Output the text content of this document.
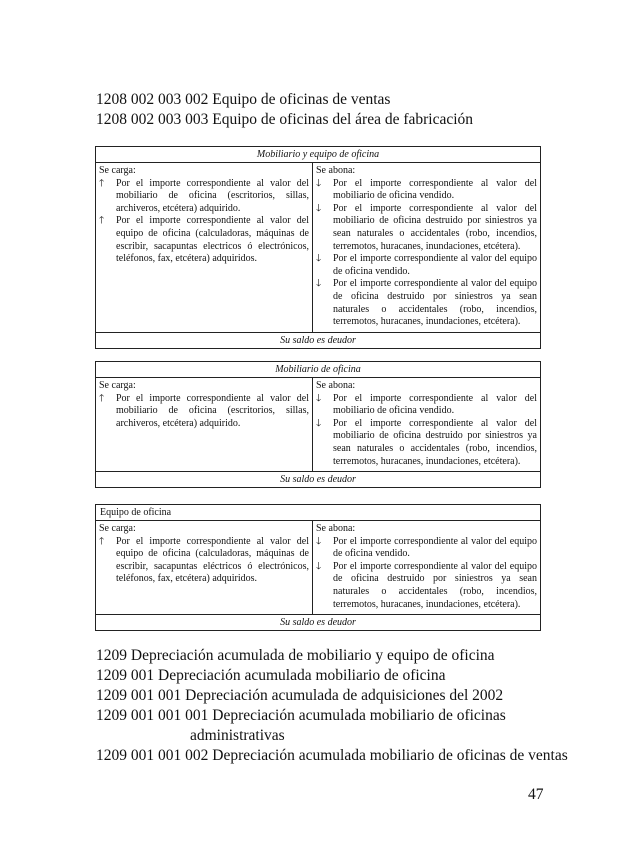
1208 002 003 002 Equipo de oficinas de ventas
1208 002 003 003 Equipo de oficinas del área de fabricación
Mobiliario y equipo de oficina
Se carga:
🡑	Por el importe correspondiente al valor del mobiliario de oficina (escritorios, sillas, archiveros, etcétera) adquirido.
🡑	Por el importe correspondiente al valor del equipo de oficina (calculadoras, máquinas de escribir, sacapuntas electricos ó electrónicos, teléfonos, fax, etcétera) adquiridos.
Se abona:
🡓	Por el importe correspondiente al valor del mobiliario de oficina vendido.
🡓	Por el importe correspondiente al valor del mobiliario de oficina destruido por siniestros ya sean naturales o accidentales (robo, incendios, terremotos, huracanes, inundaciones, etcétera).
🡓	Por el importe correspondiente al valor del equipo de oficina vendido.
🡓	Por el importe correspondiente al valor del equipo de oficina destruido por siniestros ya sean naturales o accidentales (robo, incendios, terremotos, huracanes, inundaciones, etcétera).
Su saldo es deudor
Mobiliario de oficina
Se carga:
🡑	Por el importe correspondiente al valor del mobiliario de oficina (escritorios, sillas, archiveros, etcétera) adquirido.
Se abona:
🡓	Por el importe correspondiente al valor del mobiliario de oficina vendido.
🡓	Por el importe correspondiente al valor del mobiliario de oficina destruido por siniestros ya sean naturales o accidentales (robo, incendios, terremotos, huracanes, inundaciones, etcétera).
Su saldo es deudor
Equipo de oficina
Se carga:
🡑	Por el importe correspondiente al valor del equipo de oficina (calculadoras, máquinas de escribir, sacapuntas eléctricos ó electrónicos, teléfonos, fax, etcétera) adquiridos.
Se abona:
🡓	Por el importe correspondiente al valor del equipo de oficina vendido.
🡓	Por el importe correspondiente al valor del equipo de oficina destruido por siniestros ya sean naturales o accidentales (robo, incendios, terremotos, huracanes, inundaciones, etcétera).
Su saldo es deudor
1209 Depreciación acumulada de mobiliario y equipo de oficina
1209 001 Depreciación acumulada mobiliario de oficina
1209 001 001 Depreciación acumulada de adquisiciones del 2002
1209 001 001 001 Depreciación acumulada mobiliario de oficinas
administrativas
1209 001 001 002 Depreciación acumulada mobiliario de oficinas de ventas
47
